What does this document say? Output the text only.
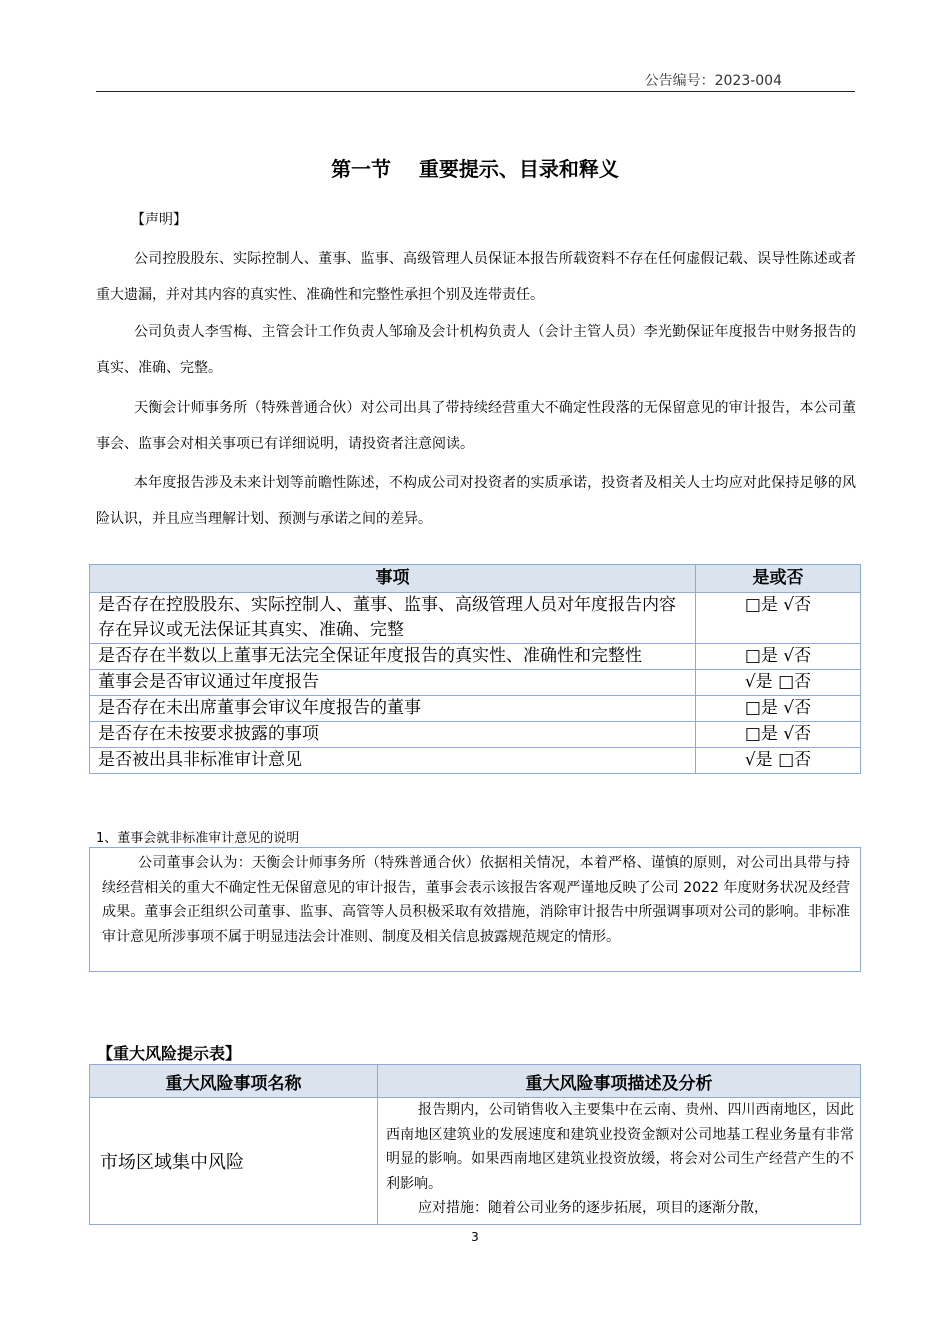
公告编号：2023-004
第一节    重要提示、目录和释义
【声明】
公司控股股东、实际控制人、董事、监事、高级管理人员保证本报告所载资料不存在任何虚假记载、误导性陈述或者重大遗漏，并对其内容的真实性、准确性和完整性承担个别及连带责任。
公司负责人李雪梅、主管会计工作负责人邹瑜及会计机构负责人（会计主管人员）李光勤保证年度报告中财务报告的真实、准确、完整。
天衡会计师事务所（特殊普通合伙）对公司出具了带持续经营重大不确定性段落的无保留意见的审计报告，本公司董事会、监事会对相关事项已有详细说明，请投资者注意阅读。
本年度报告涉及未来计划等前瞻性陈述，不构成公司对投资者的实质承诺，投资者及相关人士均应对此保持足够的风险认识，并且应当理解计划、预测与承诺之间的差异。
事项	是或否
是否存在控股股东、实际控制人、董事、监事、高级管理人员对年度报告内容存在异议或无法保证其真实、准确、完整	□是 √否
是否存在半数以上董事无法完全保证年度报告的真实性、准确性和完整性	□是 √否
董事会是否审议通过年度报告	√是 □否
是否存在未出席董事会审议年度报告的董事	□是 √否
是否存在未按要求披露的事项	□是 √否
是否被出具非标准审计意见	√是 □否
1、董事会就非标准审计意见的说明
公司董事会认为：天衡会计师事务所（特殊普通合伙）依据相关情况，本着严格、谨慎的原则，对公司出具带与持续经营相关的重大不确定性无保留意见的审计报告，董事会表示该报告客观严谨地反映了公司 2022 年度财务状况及经营成果。董事会正组织公司董事、监事、高管等人员积极采取有效措施，消除审计报告中所强调事项对公司的影响。非标准审计意见所涉事项不属于明显违法会计准则、制度及相关信息披露规范规定的情形。
【重大风险提示表】
重大风险事项名称	重大风险事项描述及分析
市场区域集中风险	报告期内，公司销售收入主要集中在云南、贵州、四川西南地区，因此西南地区建筑业的发展速度和建筑业投资金额对公司地基工程业务量有非常明显的影响。如果西南地区建筑业投资放缓，将会对公司生产经营产生的不利影响。

应对措施：随着公司业务的逐步拓展，项目的逐渐分散，

3
